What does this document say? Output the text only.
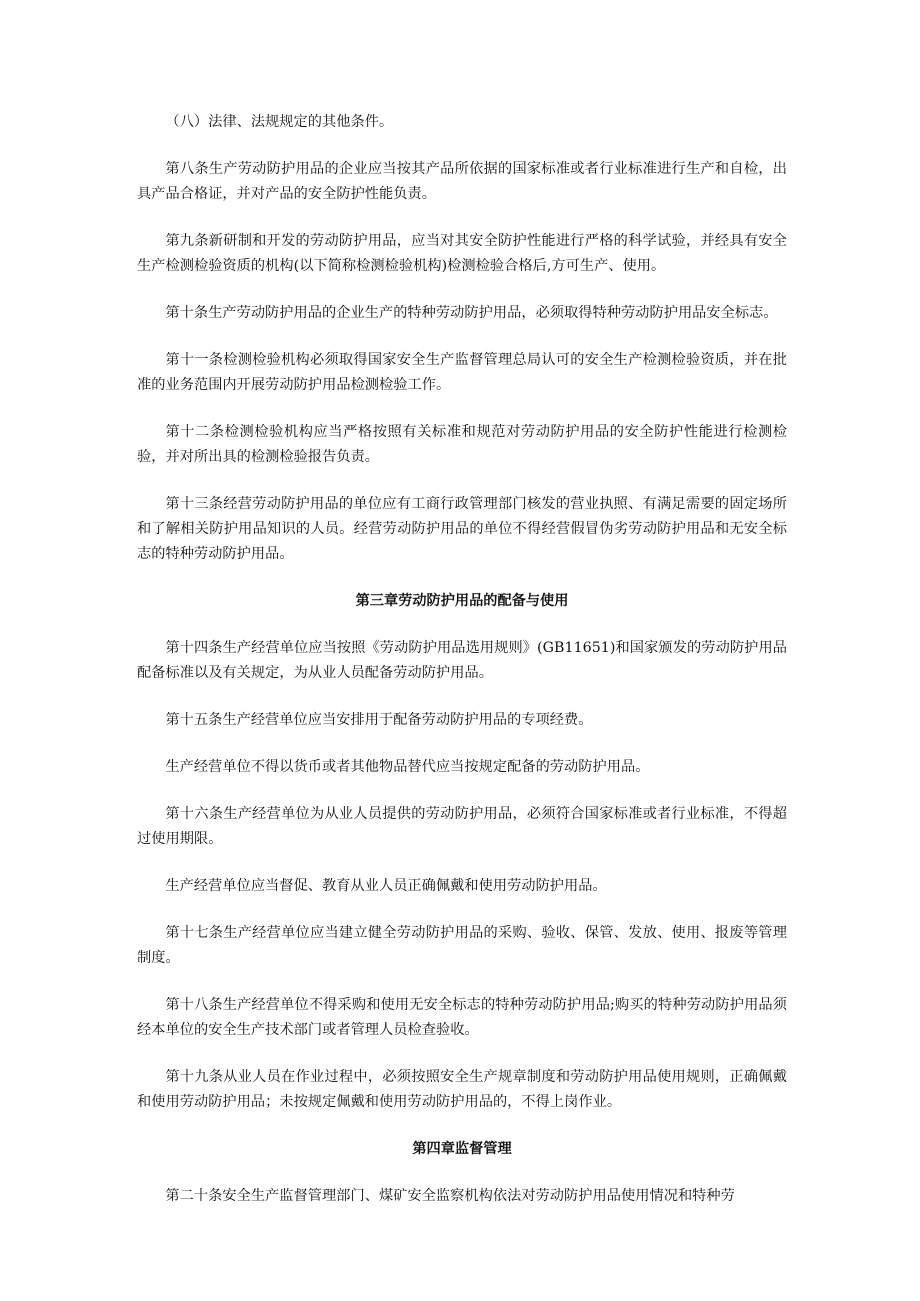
（八）法律、法规规定的其他条件。

第八条生产劳动防护用品的企业应当按其产品所依据的国家标准或者行业标准进行生产和自检，出具产品合格证，并对产品的安全防护性能负责。

第九条新研制和开发的劳动防护用品，应当对其安全防护性能进行严格的科学试验，并经具有安全生产检测检验资质的机构(以下简称检测检验机构)检测检验合格后,方可生产、使用。

第十条生产劳动防护用品的企业生产的特种劳动防护用品，必须取得特种劳动防护用品安全标志。

第十一条检测检验机构必须取得国家安全生产监督管理总局认可的安全生产检测检验资质，并在批准的业务范围内开展劳动防护用品检测检验工作。

第十二条检测检验机构应当严格按照有关标准和规范对劳动防护用品的安全防护性能进行检测检验，并对所出具的检测检验报告负责。

第十三条经营劳动防护用品的单位应有工商行政管理部门核发的营业执照、有满足需要的固定场所和了解相关防护用品知识的人员。经营劳动防护用品的单位不得经营假冒伪劣劳动防护用品和无安全标志的特种劳动防护用品。

第三章劳动防护用品的配备与使用

第十四条生产经营单位应当按照《劳动防护用品选用规则》(GB11651)和国家颁发的劳动防护用品配备标准以及有关规定，为从业人员配备劳动防护用品。

第十五条生产经营单位应当安排用于配备劳动防护用品的专项经费。

生产经营单位不得以货币或者其他物品替代应当按规定配备的劳动防护用品。

第十六条生产经营单位为从业人员提供的劳动防护用品，必须符合国家标准或者行业标准，不得超过使用期限。

生产经营单位应当督促、教育从业人员正确佩戴和使用劳动防护用品。

第十七条生产经营单位应当建立健全劳动防护用品的采购、验收、保管、发放、使用、报废等管理制度。

第十八条生产经营单位不得采购和使用无安全标志的特种劳动防护用品;购买的特种劳动防护用品须经本单位的安全生产技术部门或者管理人员检查验收。

第十九条从业人员在作业过程中，必须按照安全生产规章制度和劳动防护用品使用规则，正确佩戴和使用劳动防护用品；未按规定佩戴和使用劳动防护用品的，不得上岗作业。

第四章监督管理

第二十条安全生产监督管理部门、煤矿安全监察机构依法对劳动防护用品使用情况和特种劳
